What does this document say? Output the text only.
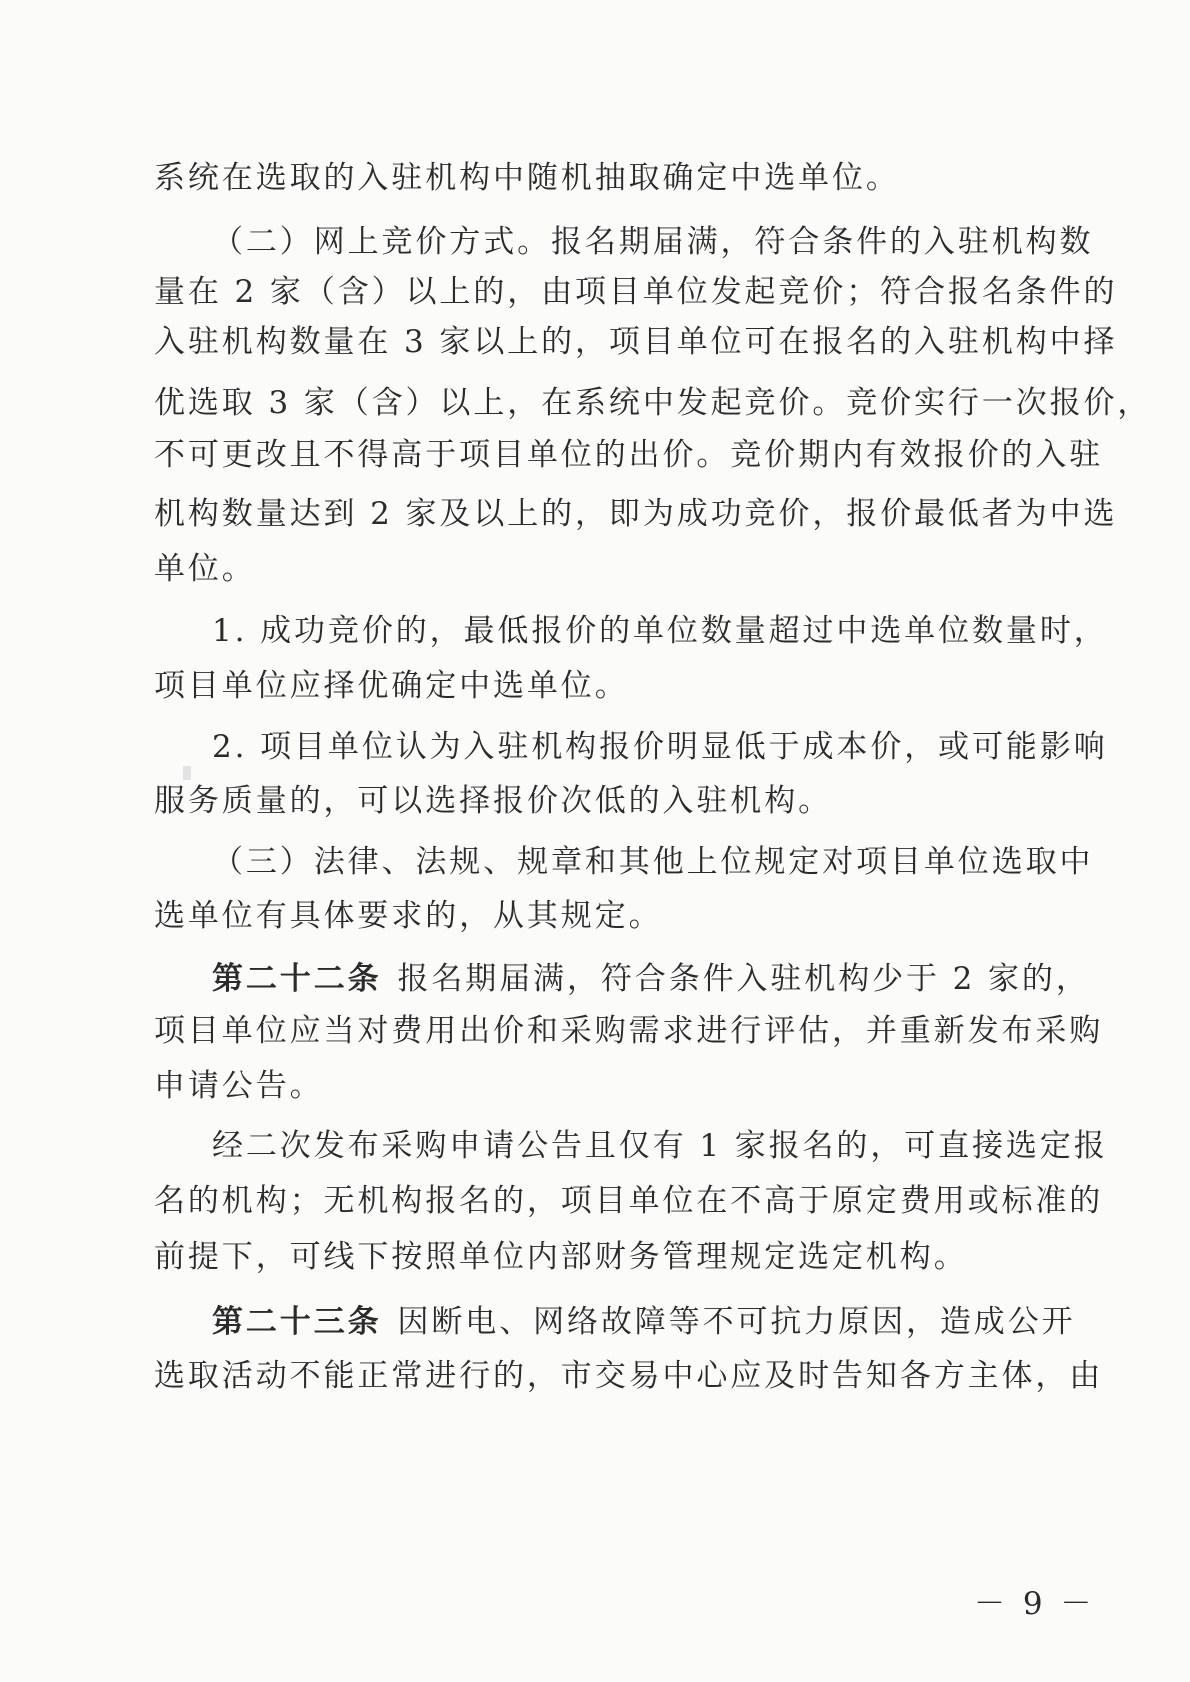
系统在选取的入驻机构中随机抽取确定中选单位。
（二）网上竞价方式。报名期届满，符合条件的入驻机构数
量在 2 家（含）以上的，由项目单位发起竞价；符合报名条件的
入驻机构数量在 3 家以上的，项目单位可在报名的入驻机构中择
优选取 3 家（含）以上，在系统中发起竞价。竞价实行一次报价，
不可更改且不得高于项目单位的出价。竞价期内有效报价的入驻
机构数量达到 2 家及以上的，即为成功竞价，报价最低者为中选
单位。
1. 成功竞价的，最低报价的单位数量超过中选单位数量时，
项目单位应择优确定中选单位。
2. 项目单位认为入驻机构报价明显低于成本价，或可能影响
服务质量的，可以选择报价次低的入驻机构。
（三）法律、法规、规章和其他上位规定对项目单位选取中
选单位有具体要求的，从其规定。
第二十二条 报名期届满，符合条件入驻机构少于 2 家的，
项目单位应当对费用出价和采购需求进行评估，并重新发布采购
申请公告。
经二次发布采购申请公告且仅有 1 家报名的，可直接选定报
名的机构；无机构报名的，项目单位在不高于原定费用或标准的
前提下，可线下按照单位内部财务管理规定选定机构。
第二十三条 因断电、网络故障等不可抗力原因，造成公开
选取活动不能正常进行的，市交易中心应及时告知各方主体，由
－ 9 －
